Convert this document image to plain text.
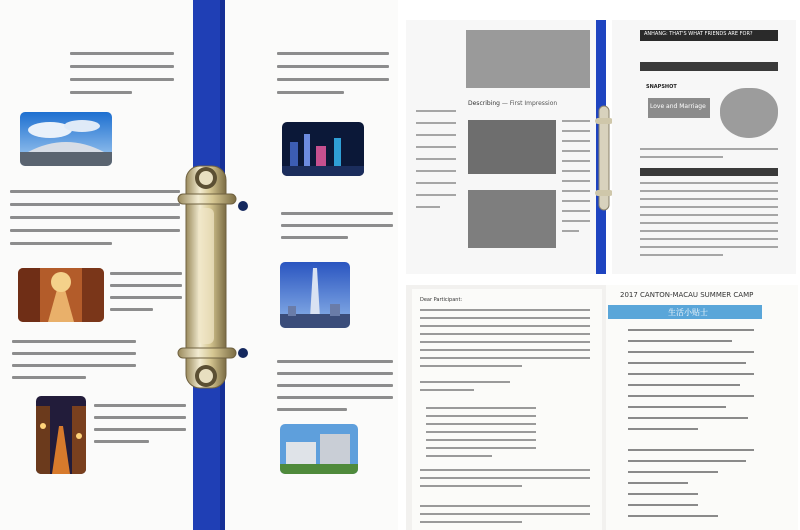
Describing — First Impression
ANHANG: THAT'S WHAT FRIENDS ARE FOR?
SNAPSHOT
Love and Marriage
Dear Participant:
2017 CANTON-MACAU SUMMER CAMP
生活小贴士
